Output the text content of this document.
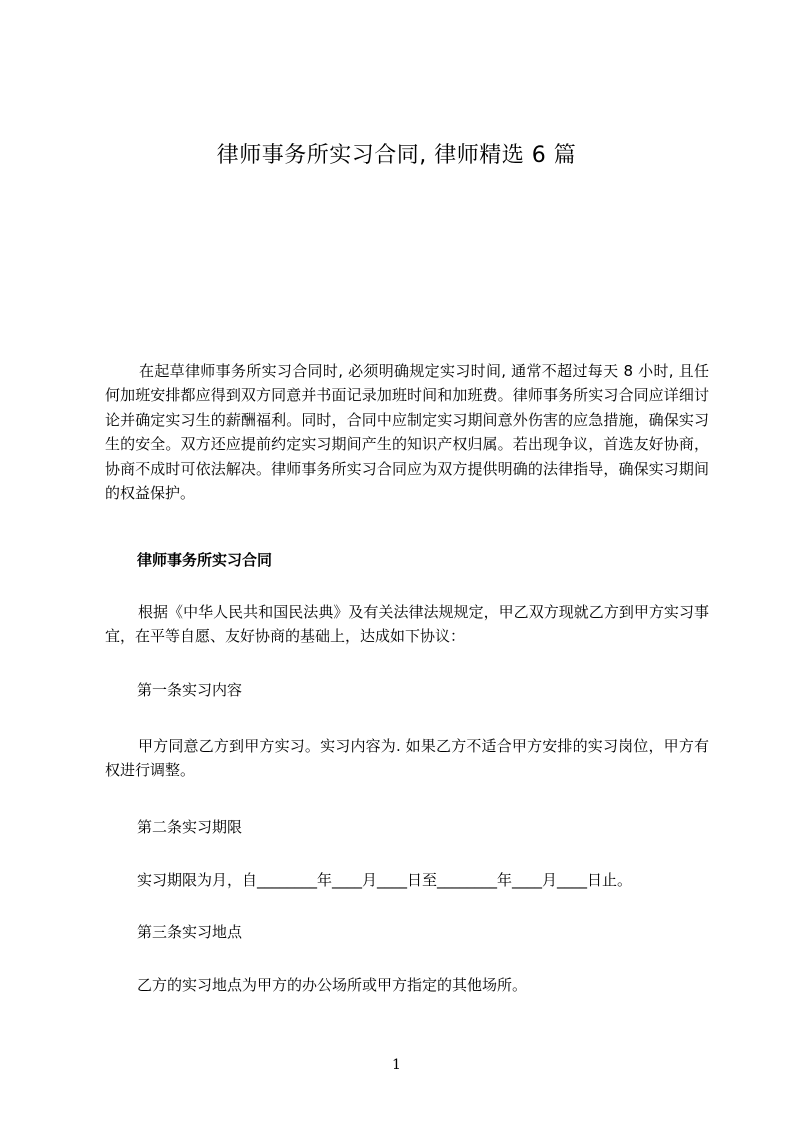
律师事务所实习合同, 律师精选 6 篇

在起草律师事务所实习合同时, 必须明确规定实习时间, 通常不超过每天 8 小时, 且任何加班安排都应得到双方同意并书面记录加班时间和加班费。律师事务所实习合同应详细讨论并确定实习生的薪酬福利。同时，合同中应制定实习期间意外伤害的应急措施，确保实习生的安全。双方还应提前约定实习期间产生的知识产权归属。若出现争议，首选友好协商，协商不成时可依法解决。律师事务所实习合同应为双方提供明确的法律指导，确保实习期间的权益保护。

律师事务所实习合同

根据《中华人民共和国民法典》及有关法律法规规定，甲乙双方现就乙方到甲方实习事宜，在平等自愿、友好协商的基础上，达成如下协议：

第一条实习内容

甲方同意乙方到甲方实习。实习内容为. 如果乙方不适合甲方安排的实习岗位，甲方有权进行调整。

第二条实习期限

实习期限为月，自________年____月____日至________年____月____日止。

第三条实习地点

乙方的实习地点为甲方的办公场所或甲方指定的其他场所。

1
